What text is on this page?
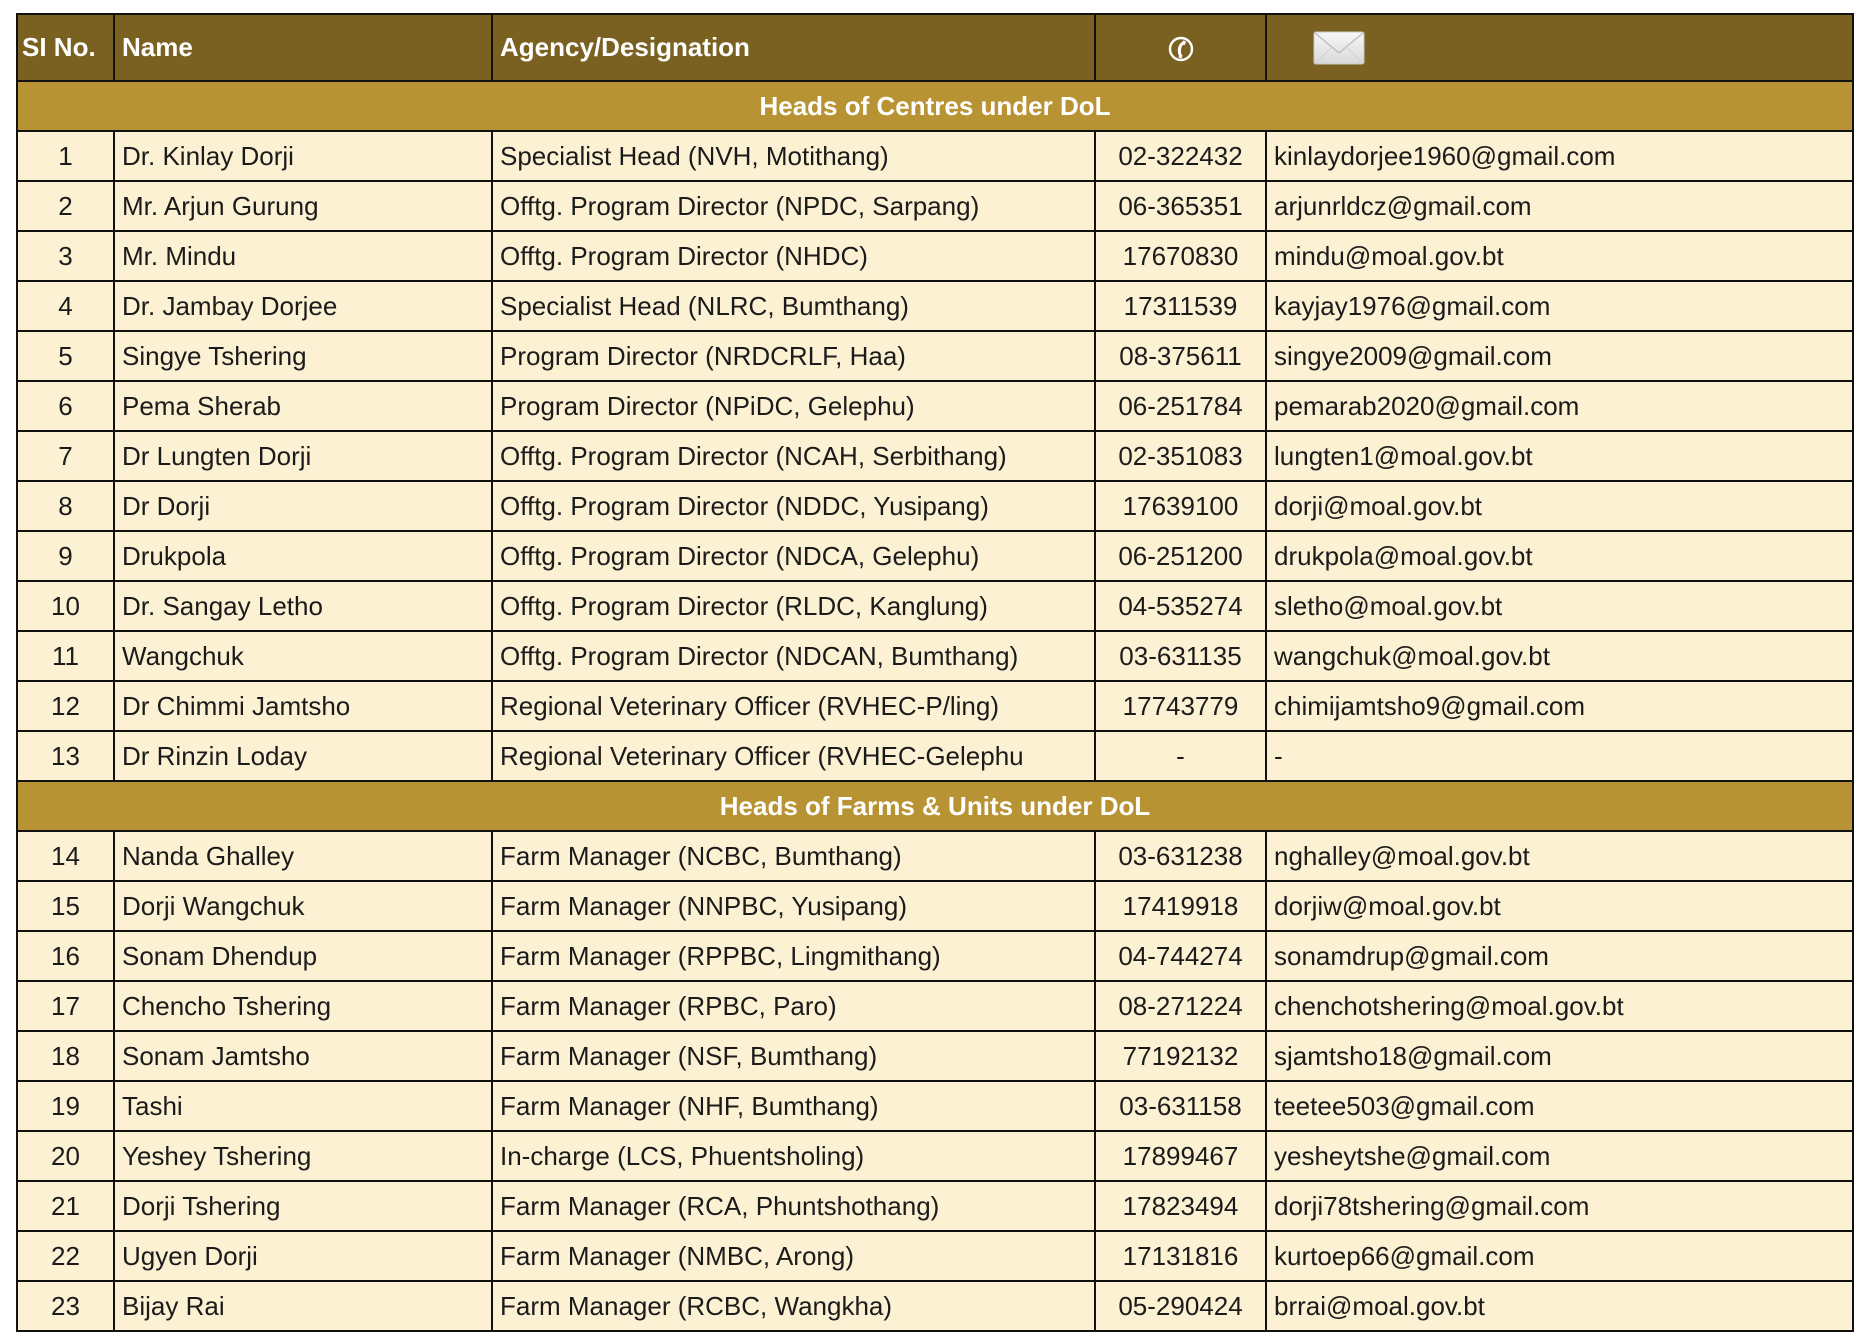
SI No.	Name	Agency/Designation		
Heads of Centres under DoL				
1	Dr. Kinlay Dorji	Specialist Head (NVH, Motithang)	02-322432	kinlaydorjee1960@gmail.com
2	Mr. Arjun Gurung	Offtg. Program Director (NPDC, Sarpang)	06-365351	arjunrldcz@gmail.com
3	Mr. Mindu	Offtg. Program Director (NHDC)	17670830	mindu@moal.gov.bt
4	Dr. Jambay Dorjee	Specialist Head (NLRC, Bumthang)	17311539	kayjay1976@gmail.com
5	Singye Tshering	Program Director (NRDCRLF, Haa)	08-375611	singye2009@gmail.com
6	Pema Sherab	Program Director (NPiDC, Gelephu)	06-251784	pemarab2020@gmail.com
7	Dr Lungten Dorji	Offtg. Program Director (NCAH, Serbithang)	02-351083	lungten1@moal.gov.bt
8	Dr Dorji	Offtg. Program Director (NDDC, Yusipang)	17639100	dorji@moal.gov.bt
9	Drukpola	Offtg. Program Director (NDCA, Gelephu)	06-251200	drukpola@moal.gov.bt
10	Dr. Sangay Letho	Offtg. Program Director (RLDC, Kanglung)	04-535274	sletho@moal.gov.bt
11	Wangchuk	Offtg. Program Director (NDCAN, Bumthang)	03-631135	wangchuk@moal.gov.bt
12	Dr Chimmi Jamtsho	Regional Veterinary Officer (RVHEC-P/ling)	17743779	chimijamtsho9@gmail.com
13	Dr Rinzin Loday	Regional Veterinary Officer (RVHEC-Gelephu	-	-
Heads of Farms & Units under DoL				
14	Nanda Ghalley	Farm Manager (NCBC, Bumthang)	03-631238	nghalley@moal.gov.bt
15	Dorji Wangchuk	Farm Manager (NNPBC, Yusipang)	17419918	dorjiw@moal.gov.bt
16	Sonam Dhendup	Farm Manager (RPPBC, Lingmithang)	04-744274	sonamdrup@gmail.com
17	Chencho Tshering	Farm Manager (RPBC, Paro)	08-271224	chenchotshering@moal.gov.bt
18	Sonam Jamtsho	Farm Manager (NSF, Bumthang)	77192132	sjamtsho18@gmail.com
19	Tashi	Farm Manager (NHF, Bumthang)	03-631158	teetee503@gmail.com
20	Yeshey Tshering	In-charge (LCS, Phuentsholing)	17899467	yesheytshe@gmail.com
21	Dorji Tshering	Farm Manager (RCA, Phuntshothang)	17823494	dorji78tshering@gmail.com
22	Ugyen Dorji	Farm Manager (NMBC, Arong)	17131816	kurtoep66@gmail.com
23	Bijay Rai	Farm Manager (RCBC, Wangkha)	05-290424	brrai@moal.gov.bt
